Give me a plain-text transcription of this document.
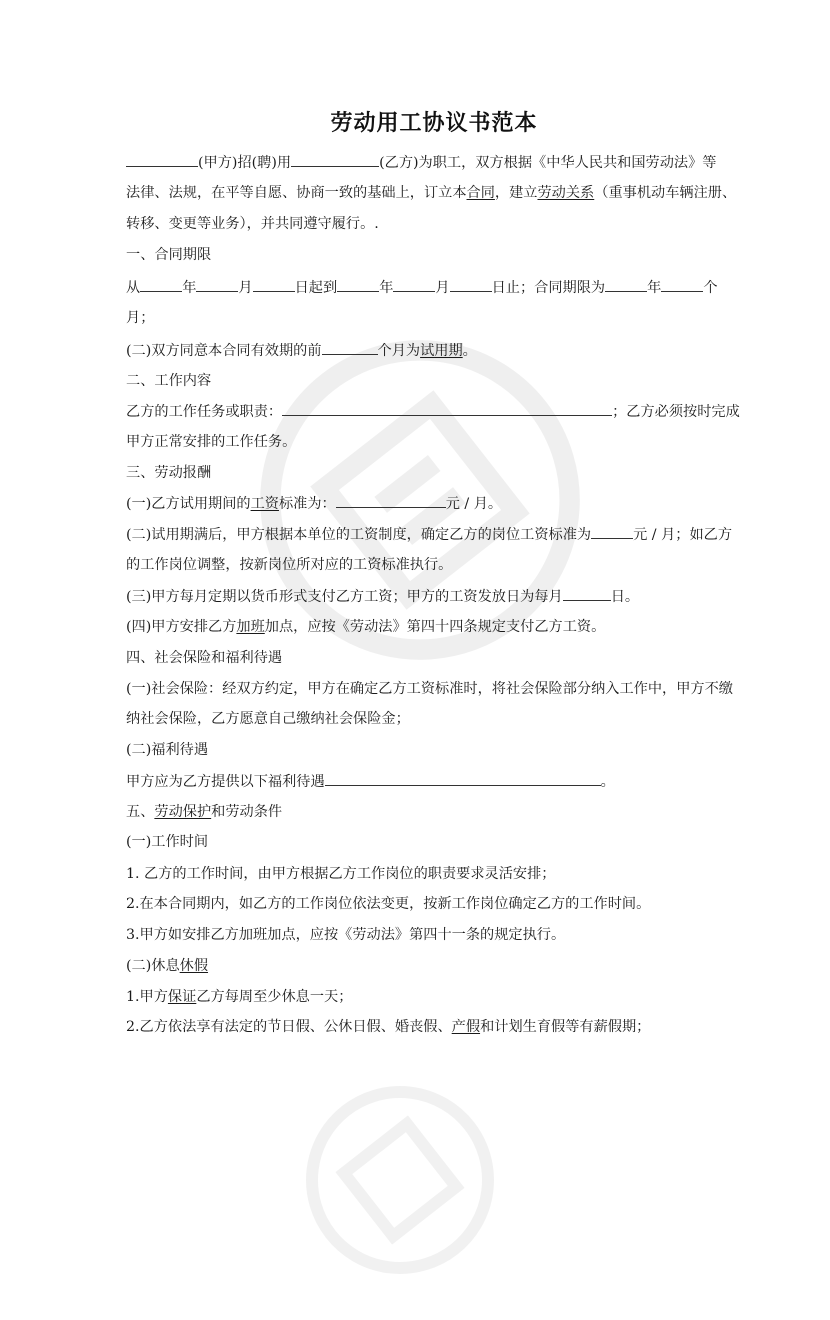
劳动用工协议书范本
(甲方)招(聘)用	(乙方)为职工，双方根据《中华人民共和国劳动法》等
法律、法规，在平等自愿、协商一致的基础上，订立本合同，建立劳动关系（重事机动车辆注册、
转移、变更等业务），并共同遵守履行。.
一、合同期限
从	年	月	日起到	年	月	日止；合同期限为	年	个
月；
(二)双方同意本合同有效期的前	个月为试用期。
二、工作内容
乙方的工作任务或职责：	；乙方必须按时完成
甲方正常安排的工作任务。
三、劳动报酬
(一)乙方试用期间的工资标准为：	元 / 月。
(二)试用期满后，甲方根据本单位的工资制度，确定乙方的岗位工资标准为	元 / 月；如乙方
的工作岗位调整，按新岗位所对应的工资标准执行。
(三)甲方每月定期以货币形式支付乙方工资；甲方的工资发放日为每月	日。
(四)甲方安排乙方加班加点，应按《劳动法》第四十四条规定支付乙方工资。
四、社会保险和福利待遇
(一)社会保险：经双方约定，甲方在确定乙方工资标准时，将社会保险部分纳入工作中，甲方不缴
纳社会保险，乙方愿意自己缴纳社会保险金；
(二)福利待遇
甲方应为乙方提供以下福利待遇	。
五、劳动保护和劳动条件
(一)工作时间
1. 乙方的工作时间，由甲方根据乙方工作岗位的职责要求灵活安排；
2.在本合同期内，如乙方的工作岗位依法变更，按新工作岗位确定乙方的工作时间。
3.甲方如安排乙方加班加点，应按《劳动法》第四十一条的规定执行。
(二)休息休假
1.甲方保证乙方每周至少休息一天；
2.乙方依法享有法定的节日假、公休日假、婚丧假、产假和计划生育假等有薪假期；
